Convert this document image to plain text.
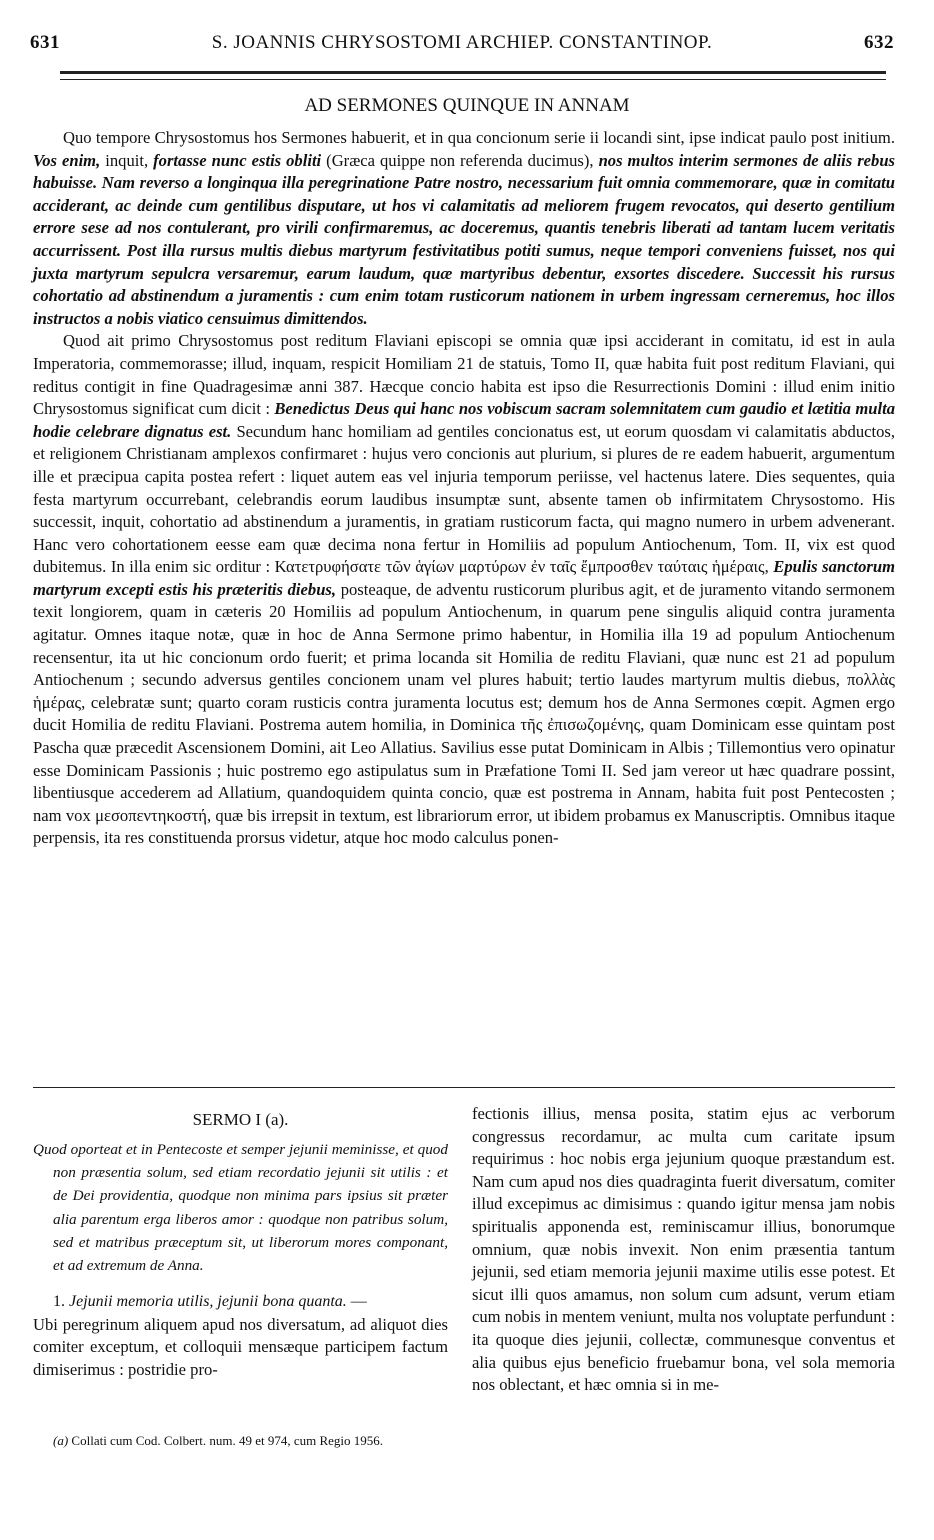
631	S. JOANNIS CHRYSOSTOMI ARCHIEP. CONSTANTINOP.	632
AD SERMONES QUINQUE IN ANNAM

Quo tempore Chrysostomus hos Sermones habuerit, et in qua concionum serie ii locandi sint, ipse indicat paulo post initium. Vos enim, inquit, fortasse nunc estis obliti (Græca quippe non referenda ducimus), nos multos interim sermones de aliis rebus habuisse. Nam reverso a longinqua illa peregrinatione Patre nostro, necessarium fuit omnia commemorare, quæ in comitatu acciderant, ac deinde cum gentilibus disputare, ut hos vi calamitatis ad meliorem frugem revocatos, qui deserto gentilium errore sese ad nos contulerant, pro virili confirmaremus, ac doceremus, quantis tenebris liberati ad tantam lucem veritatis accurrissent. Post illa rursus multis diebus martyrum festivitatibus potiti sumus, neque tempori conveniens fuisset, nos qui juxta martyrum sepulcra versaremur, earum laudum, quæ martyribus debentur, exsortes discedere. Successit his rursus cohortatio ad abstinendum a juramentis : cum enim totam rusticorum nationem in urbem ingressam cerneremus, hoc illos instructos a nobis viatico censuimus dimittendos.

Quod ait primo Chrysostomus post reditum Flaviani episcopi se omnia quæ ipsi acciderant in comitatu, id est in aula Imperatoria, commemorasse; illud, inquam, respicit Homiliam 21 de statuis, Tomo II, quæ habita fuit post reditum Flaviani, qui reditus contigit in fine Quadragesimæ anni 387. Hæcque concio habita est ipso die Resurrectionis Domini : illud enim initio Chrysostomus significat cum dicit : Benedictus Deus qui hanc nos vobiscum sacram solemnitatem cum gaudio et lætitia multa hodie celebrare dignatus est. Secundum hanc homiliam ad gentiles concionatus est, ut eorum quosdam vi calamitatis abductos, et religionem Christianam amplexos confirmaret : hujus vero concionis aut plurium, si plures de re eadem habuerit, argumentum ille et præcipua capita postea refert : liquet autem eas vel injuria temporum periisse, vel hactenus latere. Dies sequentes, quia festa martyrum occurrebant, celebrandis eorum laudibus insumptæ sunt, absente tamen ob infirmitatem Chrysostomo. His successit, inquit, cohortatio ad abstinendum a juramentis, in gratiam rusticorum facta, qui magno numero in urbem advenerant. Hanc vero cohortationem eesse eam quæ decima nona fertur in Homiliis ad populum Antiochenum, Tom. II, vix est quod dubitemus. In illa enim sic orditur : Κατετρυφήσατε τῶν ἁγίων μαρτύρων ἐν ταῖς ἔμπροσθεν ταύταις ἡμέραις, Epulis sanctorum martyrum excepti estis his præteritis diebus, posteaque, de adventu rusticorum pluribus agit, et de juramento vitando sermonem texit longiorem, quam in cæteris 20 Homiliis ad populum Antiochenum, in quarum pene singulis aliquid contra juramenta agitatur. Omnes itaque notæ, quæ in hoc de Anna Sermone primo habentur, in Homilia illa 19 ad populum Antiochenum recensentur, ita ut hic concionum ordo fuerit; et prima locanda sit Homilia de reditu Flaviani, quæ nunc est 21 ad populum Antiochenum ; secundo adversus gentiles concionem unam vel plures habuit; tertio laudes martyrum multis diebus, πολλὰς ἡμέρας, celebratæ sunt; quarto coram rusticis contra juramenta locutus est; demum hos de Anna Sermones cœpit. Agmen ergo ducit Homilia de reditu Flaviani. Postrema autem homilia, in Dominica τῆς ἐπισωζομένης, quam Dominicam esse quintam post Pascha quæ præcedit Ascensionem Domini, ait Leo Allatius. Savilius esse putat Dominicam in Albis ; Tillemontius vero opinatur esse Dominicam Passionis ; huic postremo ego astipulatus sum in Præfatione Tomi II. Sed jam vereor ut hæc quadrare possint, libentiusque accederem ad Allatium, quandoquidem quinta concio, quæ est postrema in Annam, habita fuit post Pentecosten ; nam vox μεσοπεντηκοστή, quæ bis irrepsit in textum, est librariorum error, ut ibidem probamus ex Manuscriptis. Omnibus itaque perpensis, ita res constituenda prorsus videtur, atque hoc modo calculus ponen-

SERMO I (a).

Quod oporteat et in Pentecoste et semper jejunii meminisse, et quod non præsentia solum, sed etiam recordatio jejunii sit utilis : et de Dei providentia, quodque non minima pars ipsius sit præter alia parentum erga liberos amor : quodque non patribus solum, sed et matribus præceptum sit, ut liberorum mores componant, et ad extremum de Anna.

1. Jejunii memoria utilis, jejunii bona quanta. —

Ubi peregrinum aliquem apud nos diversatum, ad aliquot dies comiter exceptum, et colloquii mensæque participem factum dimiserimus : postridie pro-

(a) Collati cum Cod. Colbert. num. 49 et 974, cum Regio 1956.

fectionis illius, mensa posita, statim ejus ac verborum congressus recordamur, ac multa cum caritate ipsum requirimus : hoc nobis erga jejunium quoque præstandum est. Nam cum apud nos dies quadraginta fuerit diversatum, comiter illud excepimus ac dimisimus : quando igitur mensa jam nobis spiritualis apponenda est, reminiscamur illius, bonorumque omnium, quæ nobis invexit. Non enim præsentia tantum jejunii, sed etiam memoria jejunii maxime utilis esse potest. Et sicut illi quos amamus, non solum cum adsunt, verum etiam cum nobis in mentem veniunt, multa nos voluptate perfundunt : ita quoque dies jejunii, collectæ, communesque conventus et alia quibus ejus beneficio fruebamur bona, vel sola memoria nos oblectant, et hæc omnia si in me-
